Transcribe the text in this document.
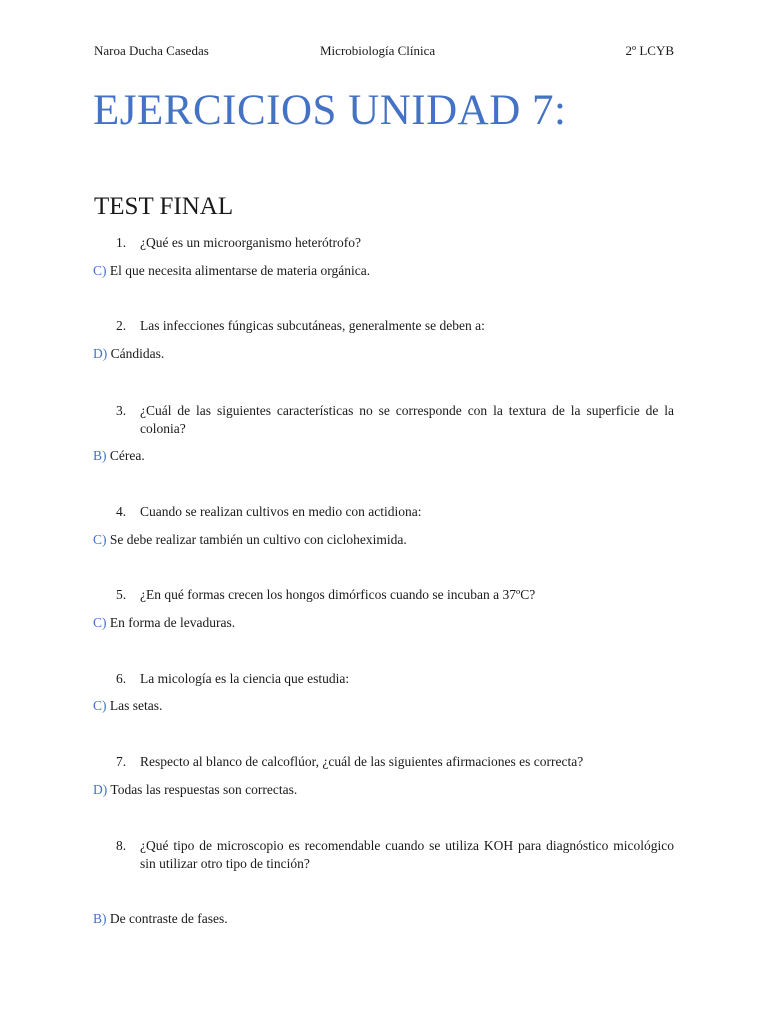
Naroa Ducha Casedas	Microbiología Clínica	2º LCYB
EJERCICIOS UNIDAD 7:
TEST FINAL
1. ¿Qué es un microorganismo heterótrofo?
C) El que necesita alimentarse de materia orgánica.
2. Las infecciones fúngicas subcutáneas, generalmente se deben a:
D) Cándidas.
3. ¿Cuál de las siguientes características no se corresponde con la textura de la superficie de la colonia?
B) Cérea.
4. Cuando se realizan cultivos en medio con actidiona:
C) Se debe realizar también un cultivo con cicloheximida.
5. ¿En qué formas crecen los hongos dimórficos cuando se incuban a 37ºC?
C) En forma de levaduras.
6. La micología es la ciencia que estudia:
C) Las setas.
7. Respecto al blanco de calcoflúor, ¿cuál de las siguientes afirmaciones es correcta?
D) Todas las respuestas son correctas.
8. ¿Qué tipo de microscopio es recomendable cuando se utiliza KOH para diagnóstico micológico sin utilizar otro tipo de tinción?
B) De contraste de fases.
